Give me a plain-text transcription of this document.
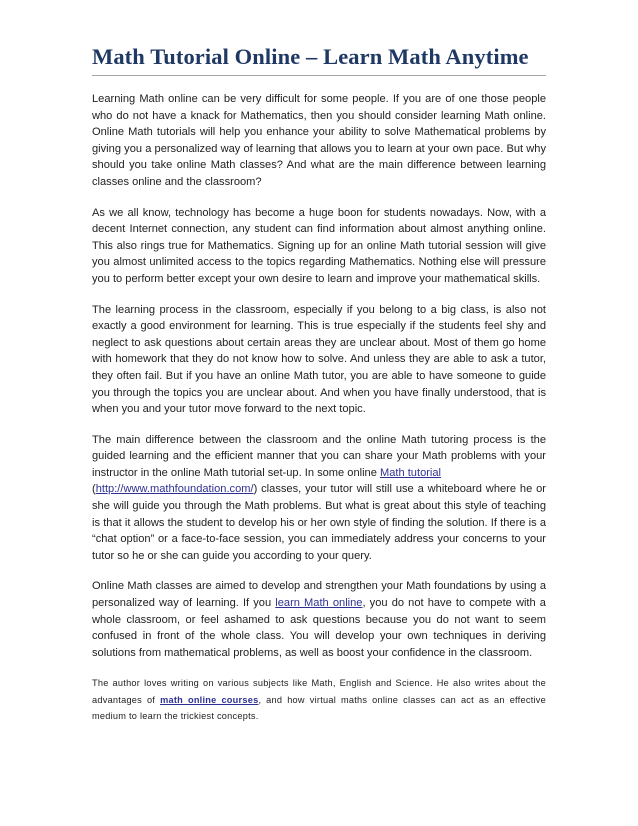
Math Tutorial Online – Learn Math Anytime

Learning Math online can be very difficult for some people. If you are of one those people who do not have a knack for Mathematics, then you should consider learning Math online. Online Math tutorials will help you enhance your ability to solve Mathematical problems by giving you a personalized way of learning that allows you to learn at your own pace. But why should you take online Math classes? And what are the main difference between learning classes online and the classroom?

As we all know, technology has become a huge boon for students nowadays. Now, with a decent Internet connection, any student can find information about almost anything online. This also rings true for Mathematics. Signing up for an online Math tutorial session will give you almost unlimited access to the topics regarding Mathematics. Nothing else will pressure you to perform better except your own desire to learn and improve your mathematical skills.

The learning process in the classroom, especially if you belong to a big class, is also not exactly a good environment for learning. This is true especially if the students feel shy and neglect to ask questions about certain areas they are unclear about. Most of them go home with homework that they do not know how to solve. And unless they are able to ask a tutor, they often fail. But if you have an online Math tutor, you are able to have someone to guide you through the topics you are unclear about. And when you have finally understood, that is when you and your tutor move forward to the next topic.

The main difference between the classroom and the online Math tutoring process is the guided learning and the efficient manner that you can share your Math problems with your instructor in the online Math tutorial set-up. In some online Math tutorial
(http://www.mathfoundation.com/) classes, your tutor will still use a whiteboard where he or she will guide you through the Math problems. But what is great about this style of teaching is that it allows the student to develop his or her own style of finding the solution. If there is a “chat option” or a face-to-face session, you can immediately address your concerns to your tutor so he or she can guide you according to your query.

Online Math classes are aimed to develop and strengthen your Math foundations by using a personalized way of learning. If you learn Math online, you do not have to compete with a whole classroom, or feel ashamed to ask questions because you do not want to seem confused in front of the whole class. You will develop your own techniques in deriving solutions from mathematical problems, as well as boost your confidence in the classroom.

The author loves writing on various subjects like Math, English and Science. He also writes about the advantages of math online courses, and how virtual maths online classes can act as an effective medium to learn the trickiest concepts.
